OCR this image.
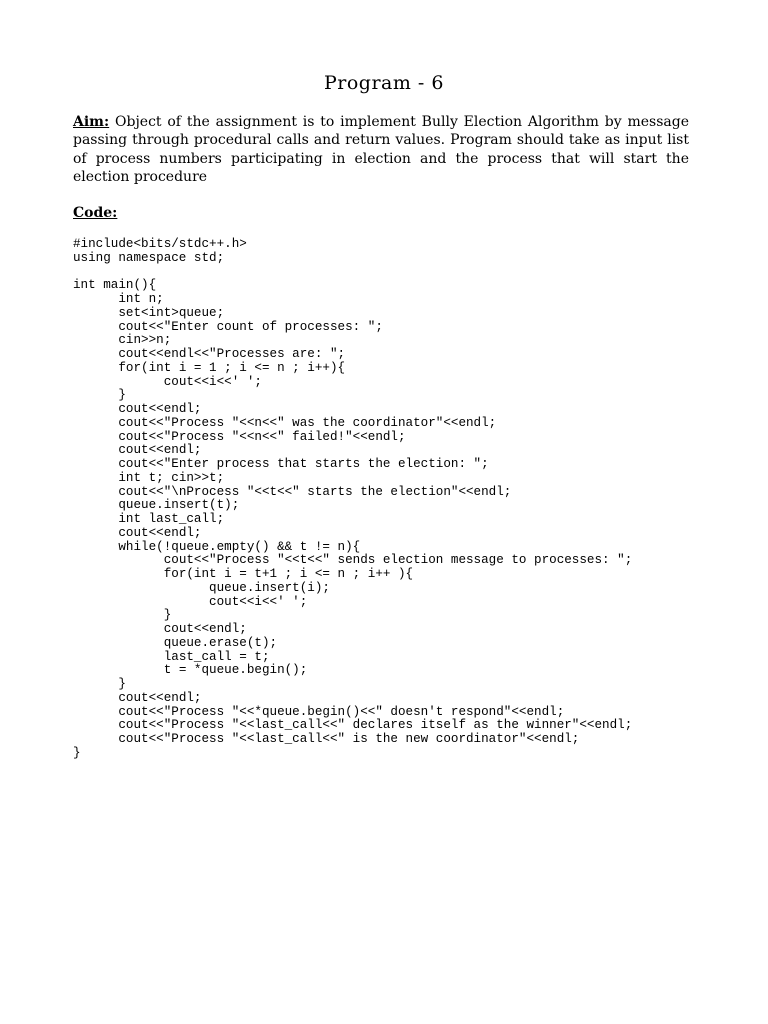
Program - 6
Aim: Object of the assignment is to implement Bully Election Algorithm by message passing through procedural calls and return values. Program should take as input list of process numbers participating in election and the process that will start the election procedure
Code:
#include<bits/stdc++.h>
using namespace std;

int main(){
	int n;
	set<int>queue;
	cout<<"Enter count of processes: ";
	cin>>n;
	cout<<endl<<"Processes are: ";
	for(int i = 1 ; i <= n ; i++){
		cout<<i<<' ';
	}
	cout<<endl;
	cout<<"Process "<<n<<" was the coordinator"<<endl;
	cout<<"Process "<<n<<" failed!"<<endl;
	cout<<endl;
	cout<<"Enter process that starts the election: ";
	int t; cin>>t;
	cout<<"\nProcess "<<t<<" starts the election"<<endl;
	queue.insert(t);
	int last_call;
	cout<<endl;
	while(!queue.empty() && t != n){
		cout<<"Process "<<t<<" sends election message to processes: ";
		for(int i = t+1 ; i <= n ; i++ ){
			queue.insert(i);
			cout<<i<<' ';
		}
		cout<<endl;
		queue.erase(t);
		last_call = t;
		t = *queue.begin();
	}
	cout<<endl;
	cout<<"Process "<<*queue.begin()<<" doesn't respond"<<endl;
	cout<<"Process "<<last_call<<" declares itself as the winner"<<endl;
	cout<<"Process "<<last_call<<" is the new coordinator"<<endl;
}
